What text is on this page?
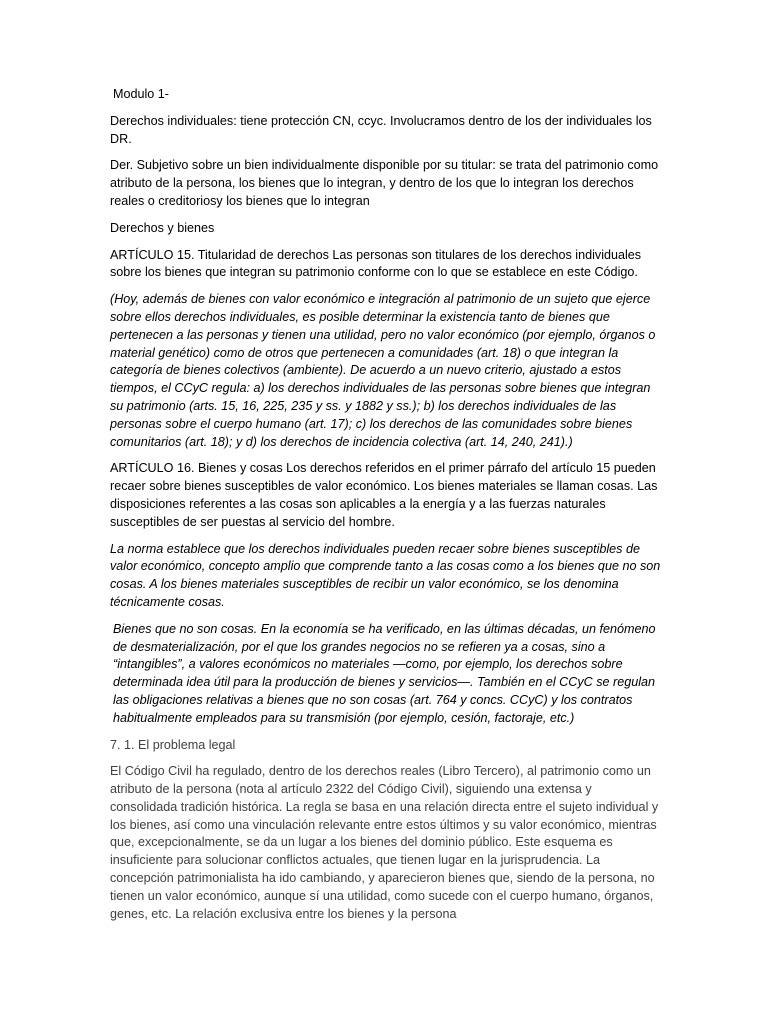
Modulo 1-

Derechos individuales: tiene protección CN, ccyc. Involucramos dentro de los der individuales los DR.

Der. Subjetivo sobre un bien individualmente disponible por su titular: se trata del patrimonio como atributo de la persona, los bienes que lo integran, y dentro de los que lo integran los derechos reales o creditoriosy los bienes que lo integran

Derechos y bienes

ARTÍCULO 15. Titularidad de derechos Las personas son titulares de los derechos individuales sobre los bienes que integran su patrimonio conforme con lo que se establece en este Código.

(Hoy, además de bienes con valor económico e integración al patrimonio de un sujeto que ejerce sobre ellos derechos individuales, es posible determinar la existencia tanto de bienes que pertenecen a las personas y tienen una utilidad, pero no valor económico (por ejemplo, órganos o material genético) como de otros que pertenecen a comunidades (art. 18) o que integran la categoría de bienes colectivos (ambiente). De acuerdo a un nuevo criterio, ajustado a estos tiempos, el CCyC regula: a) los derechos individuales de las personas sobre bienes que integran su patrimonio (arts. 15, 16, 225, 235 y ss. y 1882 y ss.); b) los derechos individuales de las personas sobre el cuerpo humano (art. 17); c) los derechos de las comunidades sobre bienes comunitarios (art. 18); y d) los derechos de incidencia colectiva (art. 14, 240, 241).)

ARTÍCULO 16. Bienes y cosas Los derechos referidos en el primer párrafo del artículo 15 pueden recaer sobre bienes susceptibles de valor económico. Los bienes materiales se llaman cosas. Las disposiciones referentes a las cosas son aplicables a la energía y a las fuerzas naturales susceptibles de ser puestas al servicio del hombre.

La norma establece que los derechos individuales pueden recaer sobre bienes susceptibles de valor económico, concepto amplio que comprende tanto a las cosas como a los bienes que no son cosas. A los bienes materiales susceptibles de recibir un valor económico, se los denomina técnicamente cosas.

Bienes que no son cosas. En la economía se ha verificado, en las últimas décadas, un fenómeno de desmaterialización, por el que los grandes negocios no se refieren ya a cosas, sino a “intangibles”, a valores económicos no materiales —como, por ejemplo, los derechos sobre determinada idea útil para la producción de bienes y servicios—. También en el CCyC se regulan las obligaciones relativas a bienes que no son cosas (art. 764 y concs. CCyC) y los contratos habitualmente empleados para su transmisión (por ejemplo, cesión, factoraje, etc.)

7. 1. El problema legal

El Código Civil ha regulado, dentro de los derechos reales (Libro Tercero), al patrimonio como un atributo de la persona (nota al artículo 2322 del Código Civil), siguiendo una extensa y consolidada tradición histórica. La regla se basa en una relación directa entre el sujeto individual y los bienes, así como una vinculación relevante entre estos últimos y su valor económico, mientras que, excepcionalmente, se da un lugar a los bienes del dominio público. Este esquema es insuficiente para solucionar conflictos actuales, que tienen lugar en la jurisprudencia. La concepción patrimonialista ha ido cambiando, y aparecieron bienes que, siendo de la persona, no tienen un valor económico, aunque sí una utilidad, como sucede con el cuerpo humano, órganos, genes, etc. La relación exclusiva entre los bienes y la persona
